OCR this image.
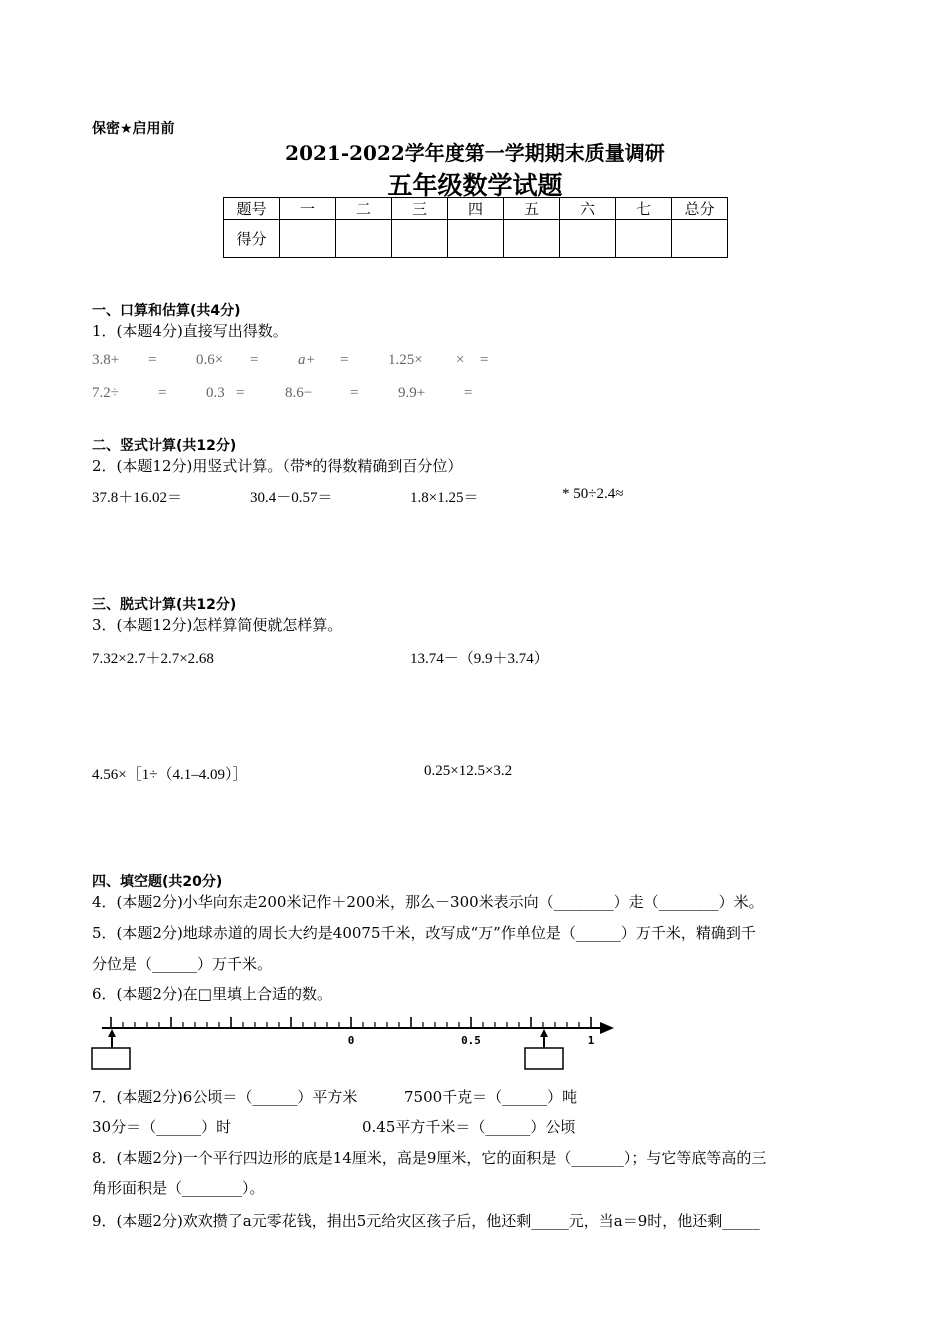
保密★启用前
2021-2022学年度第一学期期末质量调研
五年级数学试题
题号	一	二	三	四	五	六	七	总分
得分								
一、口算和估算(共4分)
1．(本题4分)直接写出得数。
3.8+ =	0.6× =	a+ =	1.25× × =
7.2÷	=	0.3 =	8.6−	=	9.9+	=
二、竖式计算(共12分)
2．(本题12分)用竖式计算。（带*的得数精确到百分位）
37.8＋16.02＝	30.4－0.57＝	1.8×1.25＝	* 50÷2.4≈
三、脱式计算(共12分)
3．(本题12分)怎样算简便就怎样算。
7.32×2.7＋2.7×2.68	13.74－（9.9＋3.74）
4.56×［1÷（4.1–4.09）］	0.25×12.5×3.2
四、填空题(共20分)
4．(本题2分)小华向东走200米记作＋200米，那么－300米表示向（________）走（________）米。
5．(本题2分)地球赤道的周长大约是40075千米，改写成“万”作单位是（______）万千米，精确到千
分位是（______）万千米。
6．(本题2分)在□里填上合适的数。
0	0.5	1
7．(本题2分)6公顷＝（______）平方米	7500千克＝（______）吨
30分＝（______）时	0.45平方千米＝（______）公顷
8．(本题2分)一个平行四边形的底是14厘米，高是9厘米，它的面积是（_______）；与它等底等高的三
角形面积是（________）。
9．(本题2分)欢欢攒了a元零花钱，捐出5元给灾区孩子后，他还剩_____元，当a＝9时，他还剩_____
